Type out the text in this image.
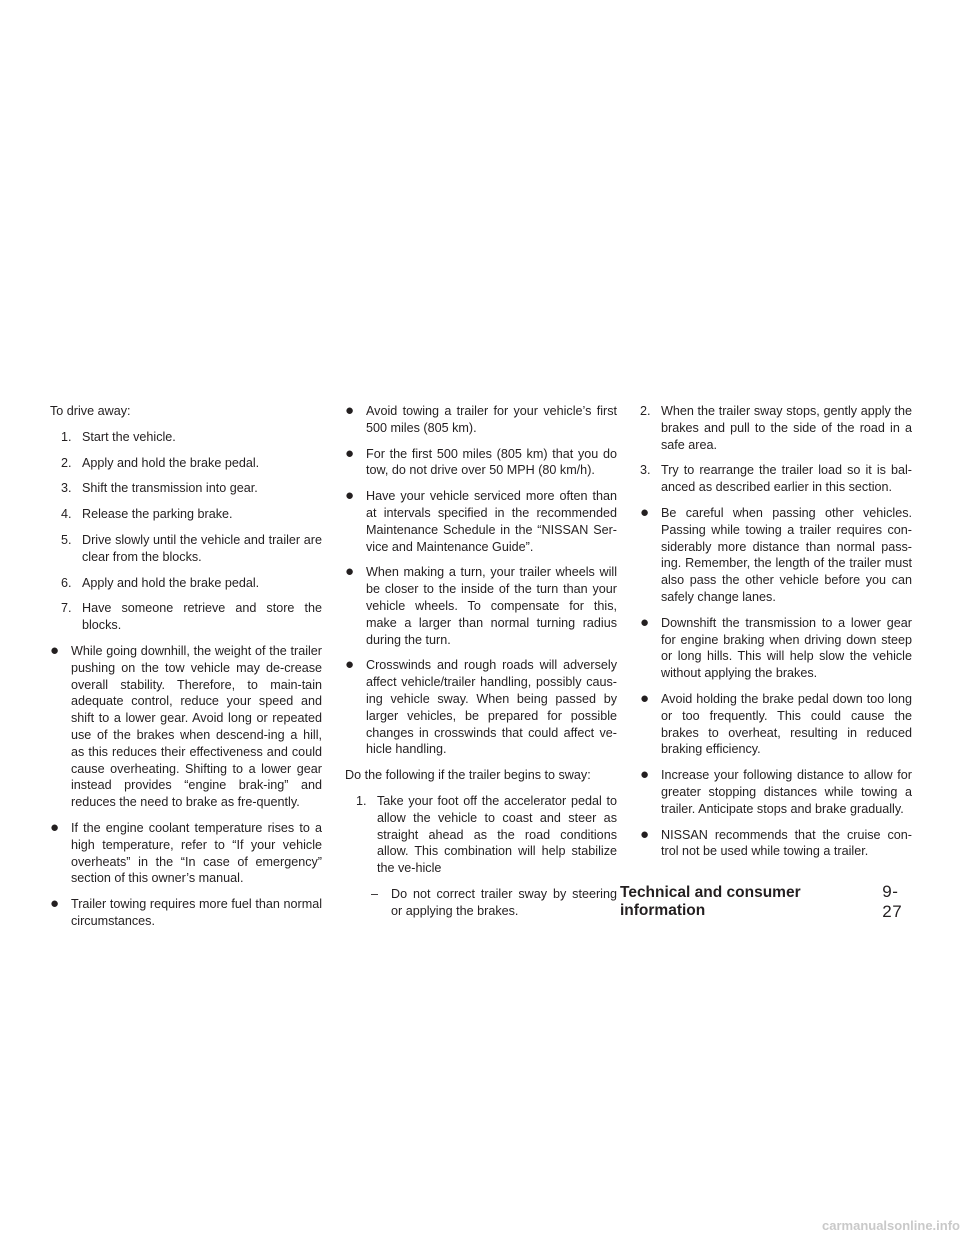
To drive away:

1. Start the vehicle.
2. Apply and hold the brake pedal.
3. Shift the transmission into gear.
4. Release the parking brake.
5. Drive slowly until the vehicle and trailer are clear from the blocks.
6. Apply and hold the brake pedal.
7. Have someone retrieve and store the blocks.
● While going downhill, the weight of the trailer pushing on the tow vehicle may de-crease overall stability. Therefore, to main-tain adequate control, reduce your speed and shift to a lower gear. Avoid long or repeated use of the brakes when descend-ing a hill, as this reduces their effectiveness and could cause overheating. Shifting to a lower gear instead provides “engine brak-ing” and reduces the need to brake as fre-quently.
● If the engine coolant temperature rises to a high temperature, refer to “If your vehicle overheats” in the “In case of emergency” section of this owner’s manual.
● Trailer towing requires more fuel than normal circumstances.
● Avoid towing a trailer for your vehicle’s first 500 miles (805 km).
● For the first 500 miles (805 km) that you do tow, do not drive over 50 MPH (80 km/h).
● Have your vehicle serviced more often than at intervals specified in the recommended Maintenance Schedule in the “NISSAN Ser-vice and Maintenance Guide”.
● When making a turn, your trailer wheels will be closer to the inside of the turn than your vehicle wheels. To compensate for this, make a larger than normal turning radius during the turn.
● Crosswinds and rough roads will adversely affect vehicle/trailer handling, possibly caus-ing vehicle sway. When being passed by larger vehicles, be prepared for possible changes in crosswinds that could affect ve-hicle handling.

Do the following if the trailer begins to sway:

1. Take your foot off the accelerator pedal to allow the vehicle to coast and steer as straight ahead as the road conditions allow. This combination will help stabilize the ve-hicle
–	Do not correct trailer sway by steering or applying the brakes.
2. When the trailer sway stops, gently apply the brakes and pull to the side of the road in a safe area.
3. Try to rearrange the trailer load so it is bal-anced as described earlier in this section.
● Be careful when passing other vehicles. Passing while towing a trailer requires con-siderably more distance than normal pass-ing. Remember, the length of the trailer must also pass the other vehicle before you can safely change lanes.
● Downshift the transmission to a lower gear for engine braking when driving down steep or long hills. This will help slow the vehicle without applying the brakes.
● Avoid holding the brake pedal down too long or too frequently. This could cause the brakes to overheat, resulting in reduced braking efficiency.
● Increase your following distance to allow for greater stopping distances while towing a trailer. Anticipate stops and brake gradually.
● NISSAN recommends that the cruise con-trol not be used while towing a trailer.
Technical and consumer information
9-27
carmanualsonline.info
